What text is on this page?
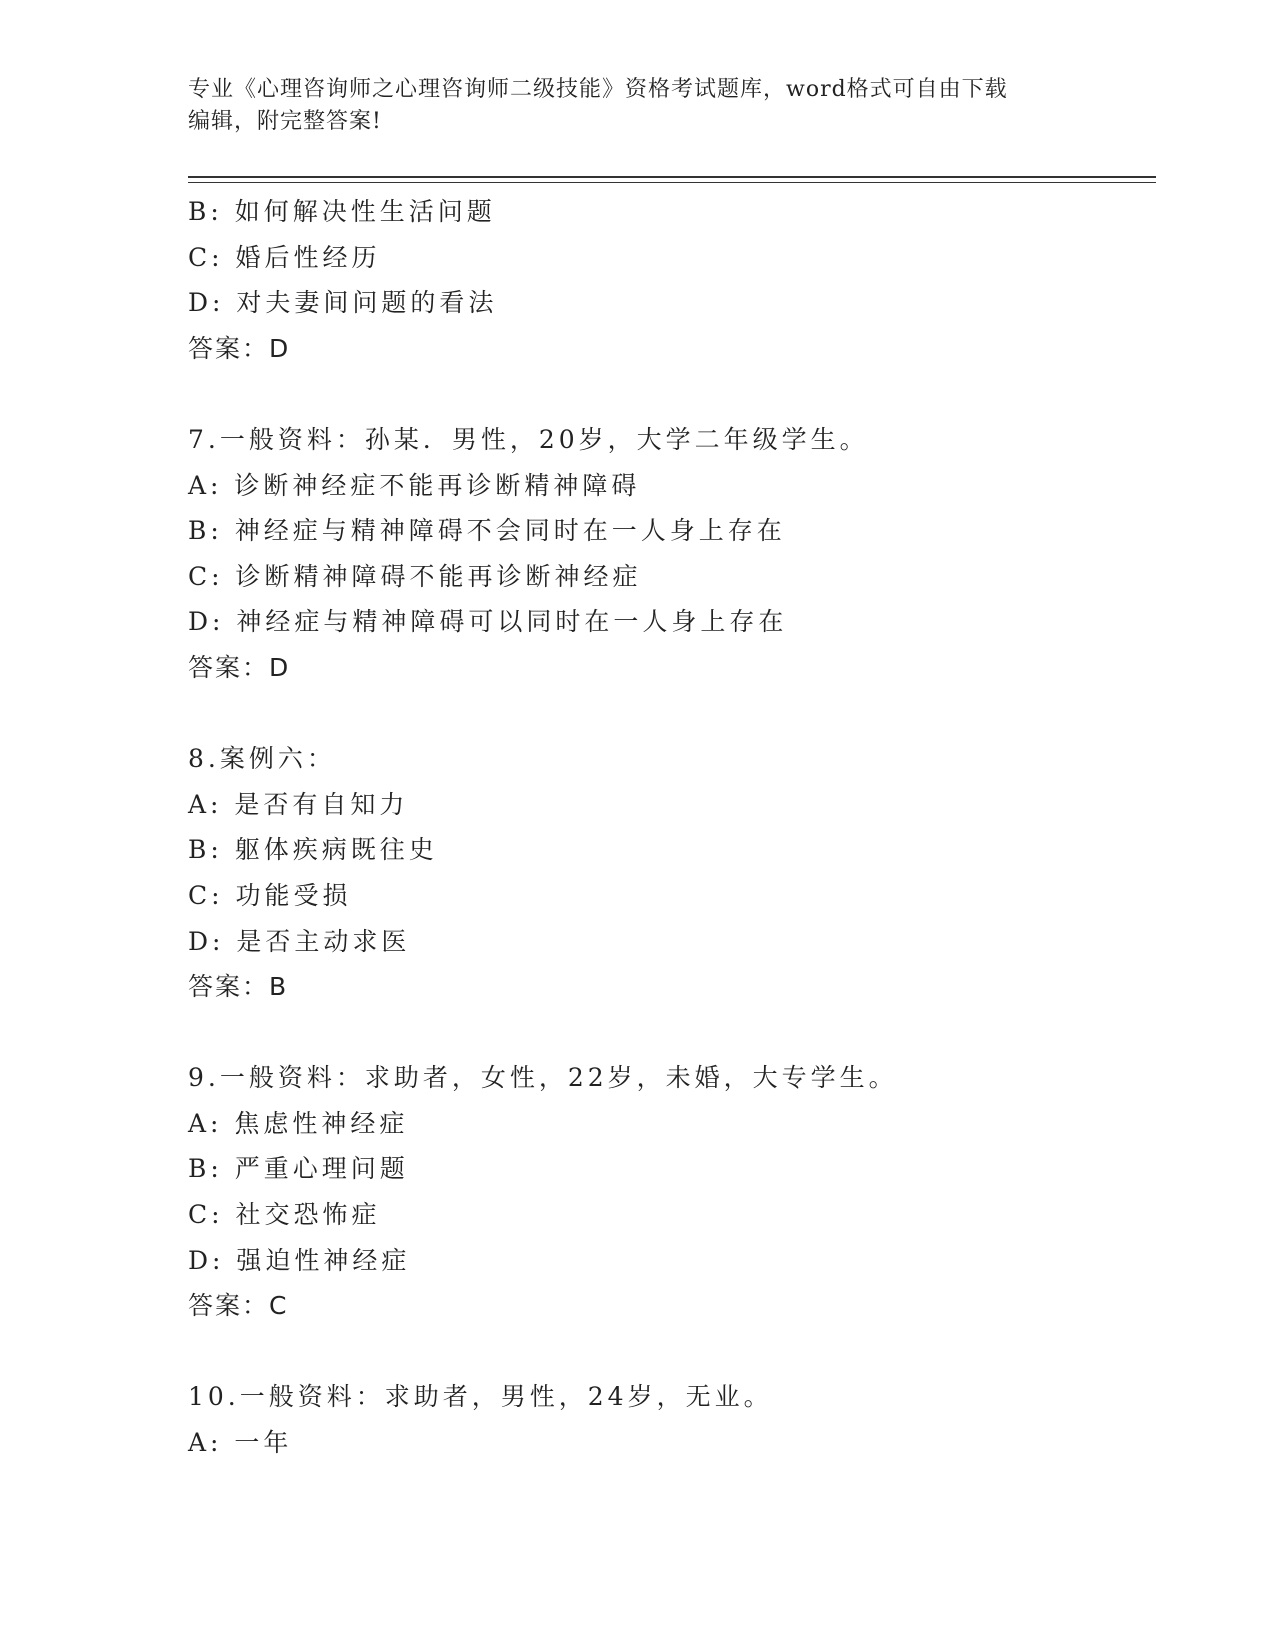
专业《心理咨询师之心理咨询师二级技能》资格考试题库，word格式可自由下载
编辑，附完整答案!
B: 如何解决性生活问题
C: 婚后性经历
D: 对夫妻间问题的看法
答案：D
7.一般资料：孙某．男性，20岁，大学二年级学生。
A: 诊断神经症不能再诊断精神障碍
B: 神经症与精神障碍不会同时在一人身上存在
C: 诊断精神障碍不能再诊断神经症
D: 神经症与精神障碍可以同时在一人身上存在
答案：D
8.案例六：
A: 是否有自知力
B: 躯体疾病既往史
C: 功能受损
D: 是否主动求医
答案：B
9.一般资料：求助者，女性，22岁，未婚，大专学生。
A: 焦虑性神经症
B: 严重心理问题
C: 社交恐怖症
D: 强迫性神经症
答案：C
10.一般资料：求助者，男性，24岁，无业。
A: 一年
